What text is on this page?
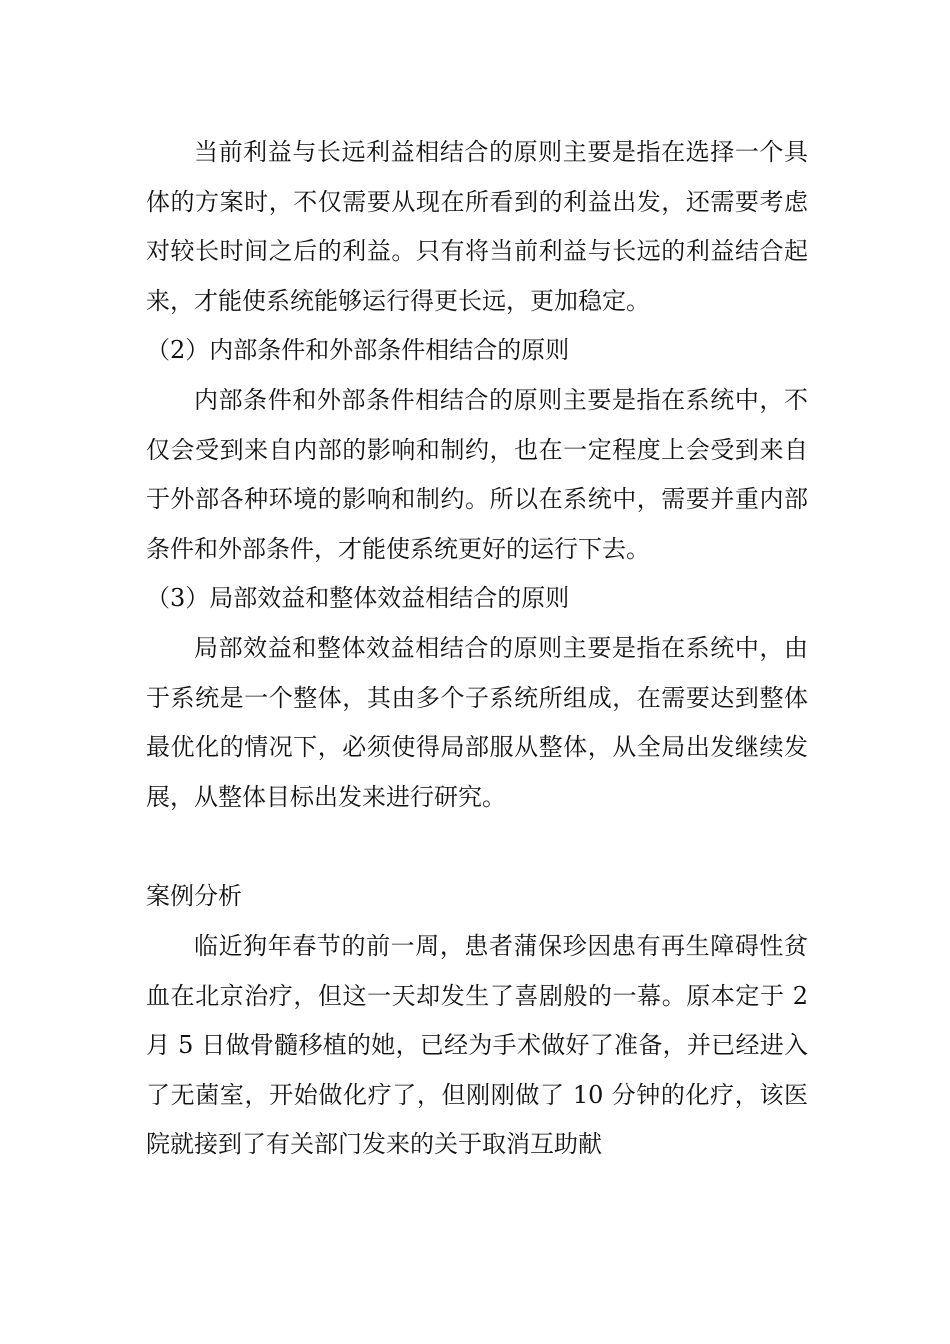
当前利益与长远利益相结合的原则主要是指在选择一个具体的方案时，不仅需要从现在所看到的利益出发，还需要考虑对较长时间之后的利益。只有将当前利益与长远的利益结合起来，才能使系统能够运行得更长远，更加稳定。

（2）内部条件和外部条件相结合的原则

内部条件和外部条件相结合的原则主要是指在系统中，不仅会受到来自内部的影响和制约，也在一定程度上会受到来自于外部各种环境的影响和制约。所以在系统中，需要并重内部条件和外部条件，才能使系统更好的运行下去。

（3）局部效益和整体效益相结合的原则

局部效益和整体效益相结合的原则主要是指在系统中，由于系统是一个整体，其由多个子系统所组成，在需要达到整体最优化的情况下，必须使得局部服从整体，从全局出发继续发展，从整体目标出发来进行研究。

案例分析

临近狗年春节的前一周，患者蒲保珍因患有再生障碍性贫血在北京治疗，但这一天却发生了喜剧般的一幕。原本定于 2 月 5 日做骨髓移植的她，已经为手术做好了准备，并已经进入了无菌室，开始做化疗了，但刚刚做了 10 分钟的化疗，该医院就接到了有关部门发来的关于取消互助献
